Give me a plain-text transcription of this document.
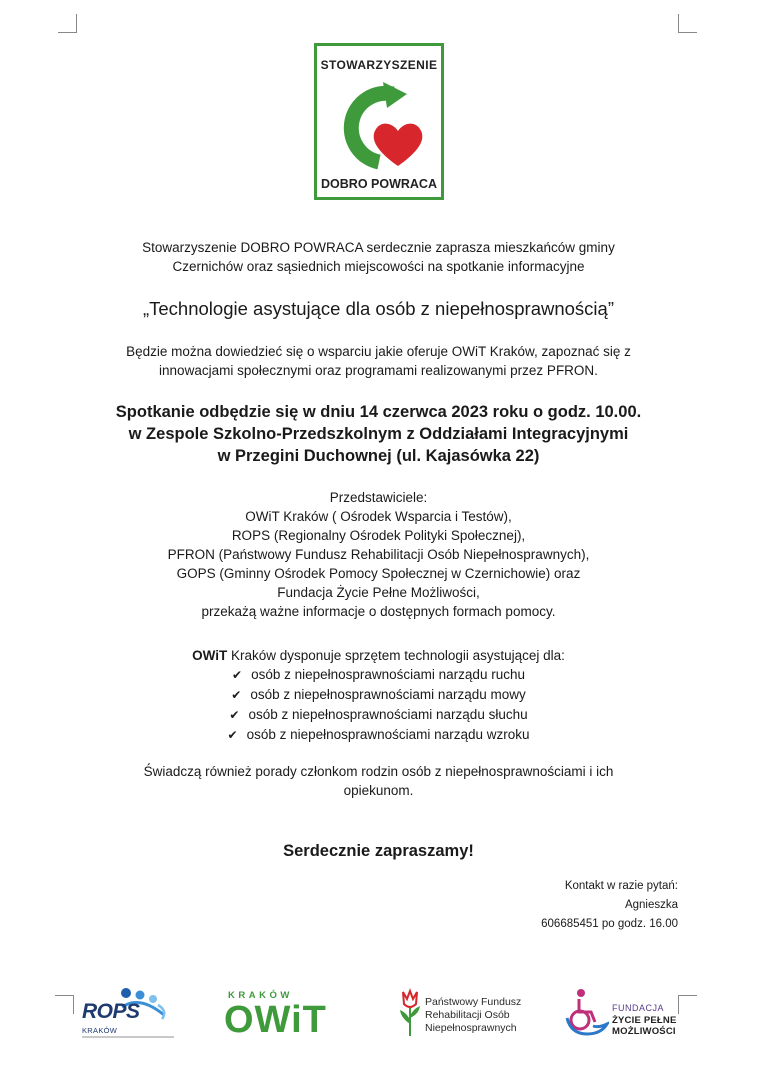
STOWARZYSZENIE
DOBRO POWRACA
Stowarzyszenie DOBRO POWRACA serdecznie zaprasza mieszkańców gminy
Czernichów oraz sąsiednich miejscowości na spotkanie informacyjne
„Technologie asystujące dla osób z niepełnosprawnością”
Będzie można dowiedzieć się o wsparciu jakie oferuje OWiT Kraków, zapoznać się z
innowacjami społecznymi oraz programami realizowanymi przez PFRON.
Spotkanie odbędzie się w dniu 14 czerwca 2023 roku o godz. 10.00.
w Zespole Szkolno-Przedszkolnym z Oddziałami Integracyjnymi
w Przegini Duchownej (ul. Kajasówka 22)
Przedstawiciele:
OWiT Kraków ( Ośrodek Wsparcia i Testów),
ROPS (Regionalny Ośrodek Polityki Społecznej),
PFRON (Państwowy Fundusz Rehabilitacji Osób Niepełnosprawnych),
GOPS (Gminny Ośrodek Pomocy Społecznej w Czernichowie) oraz
Fundacja Życie Pełne Możliwości,
przekażą ważne informacje o dostępnych formach pomocy.
OWiT Kraków dysponuje sprzętem technologii asystującej dla:
✔ osób z niepełnosprawnościami narządu ruchu
✔ osób z niepełnosprawnościami narządu mowy
✔ osób z niepełnosprawnościami narządu słuchu
✔ osób z niepełnosprawnościami narządu wzroku
Świadczą również porady członkom rodzin osób z niepełnosprawnościami i ich
opiekunom.
Serdecznie zapraszamy!
Kontakt w razie pytań:
Agnieszka
606685451 po godz. 16.00
ROPS
KRAKÓW
KRAKÓW
OWiT	Państwowy Fundusz
Rehabilitacji Osób
Niepełnosprawnych
FUNDACJA
ŻYCIE PEŁNE MOŻLIWOŚCI
